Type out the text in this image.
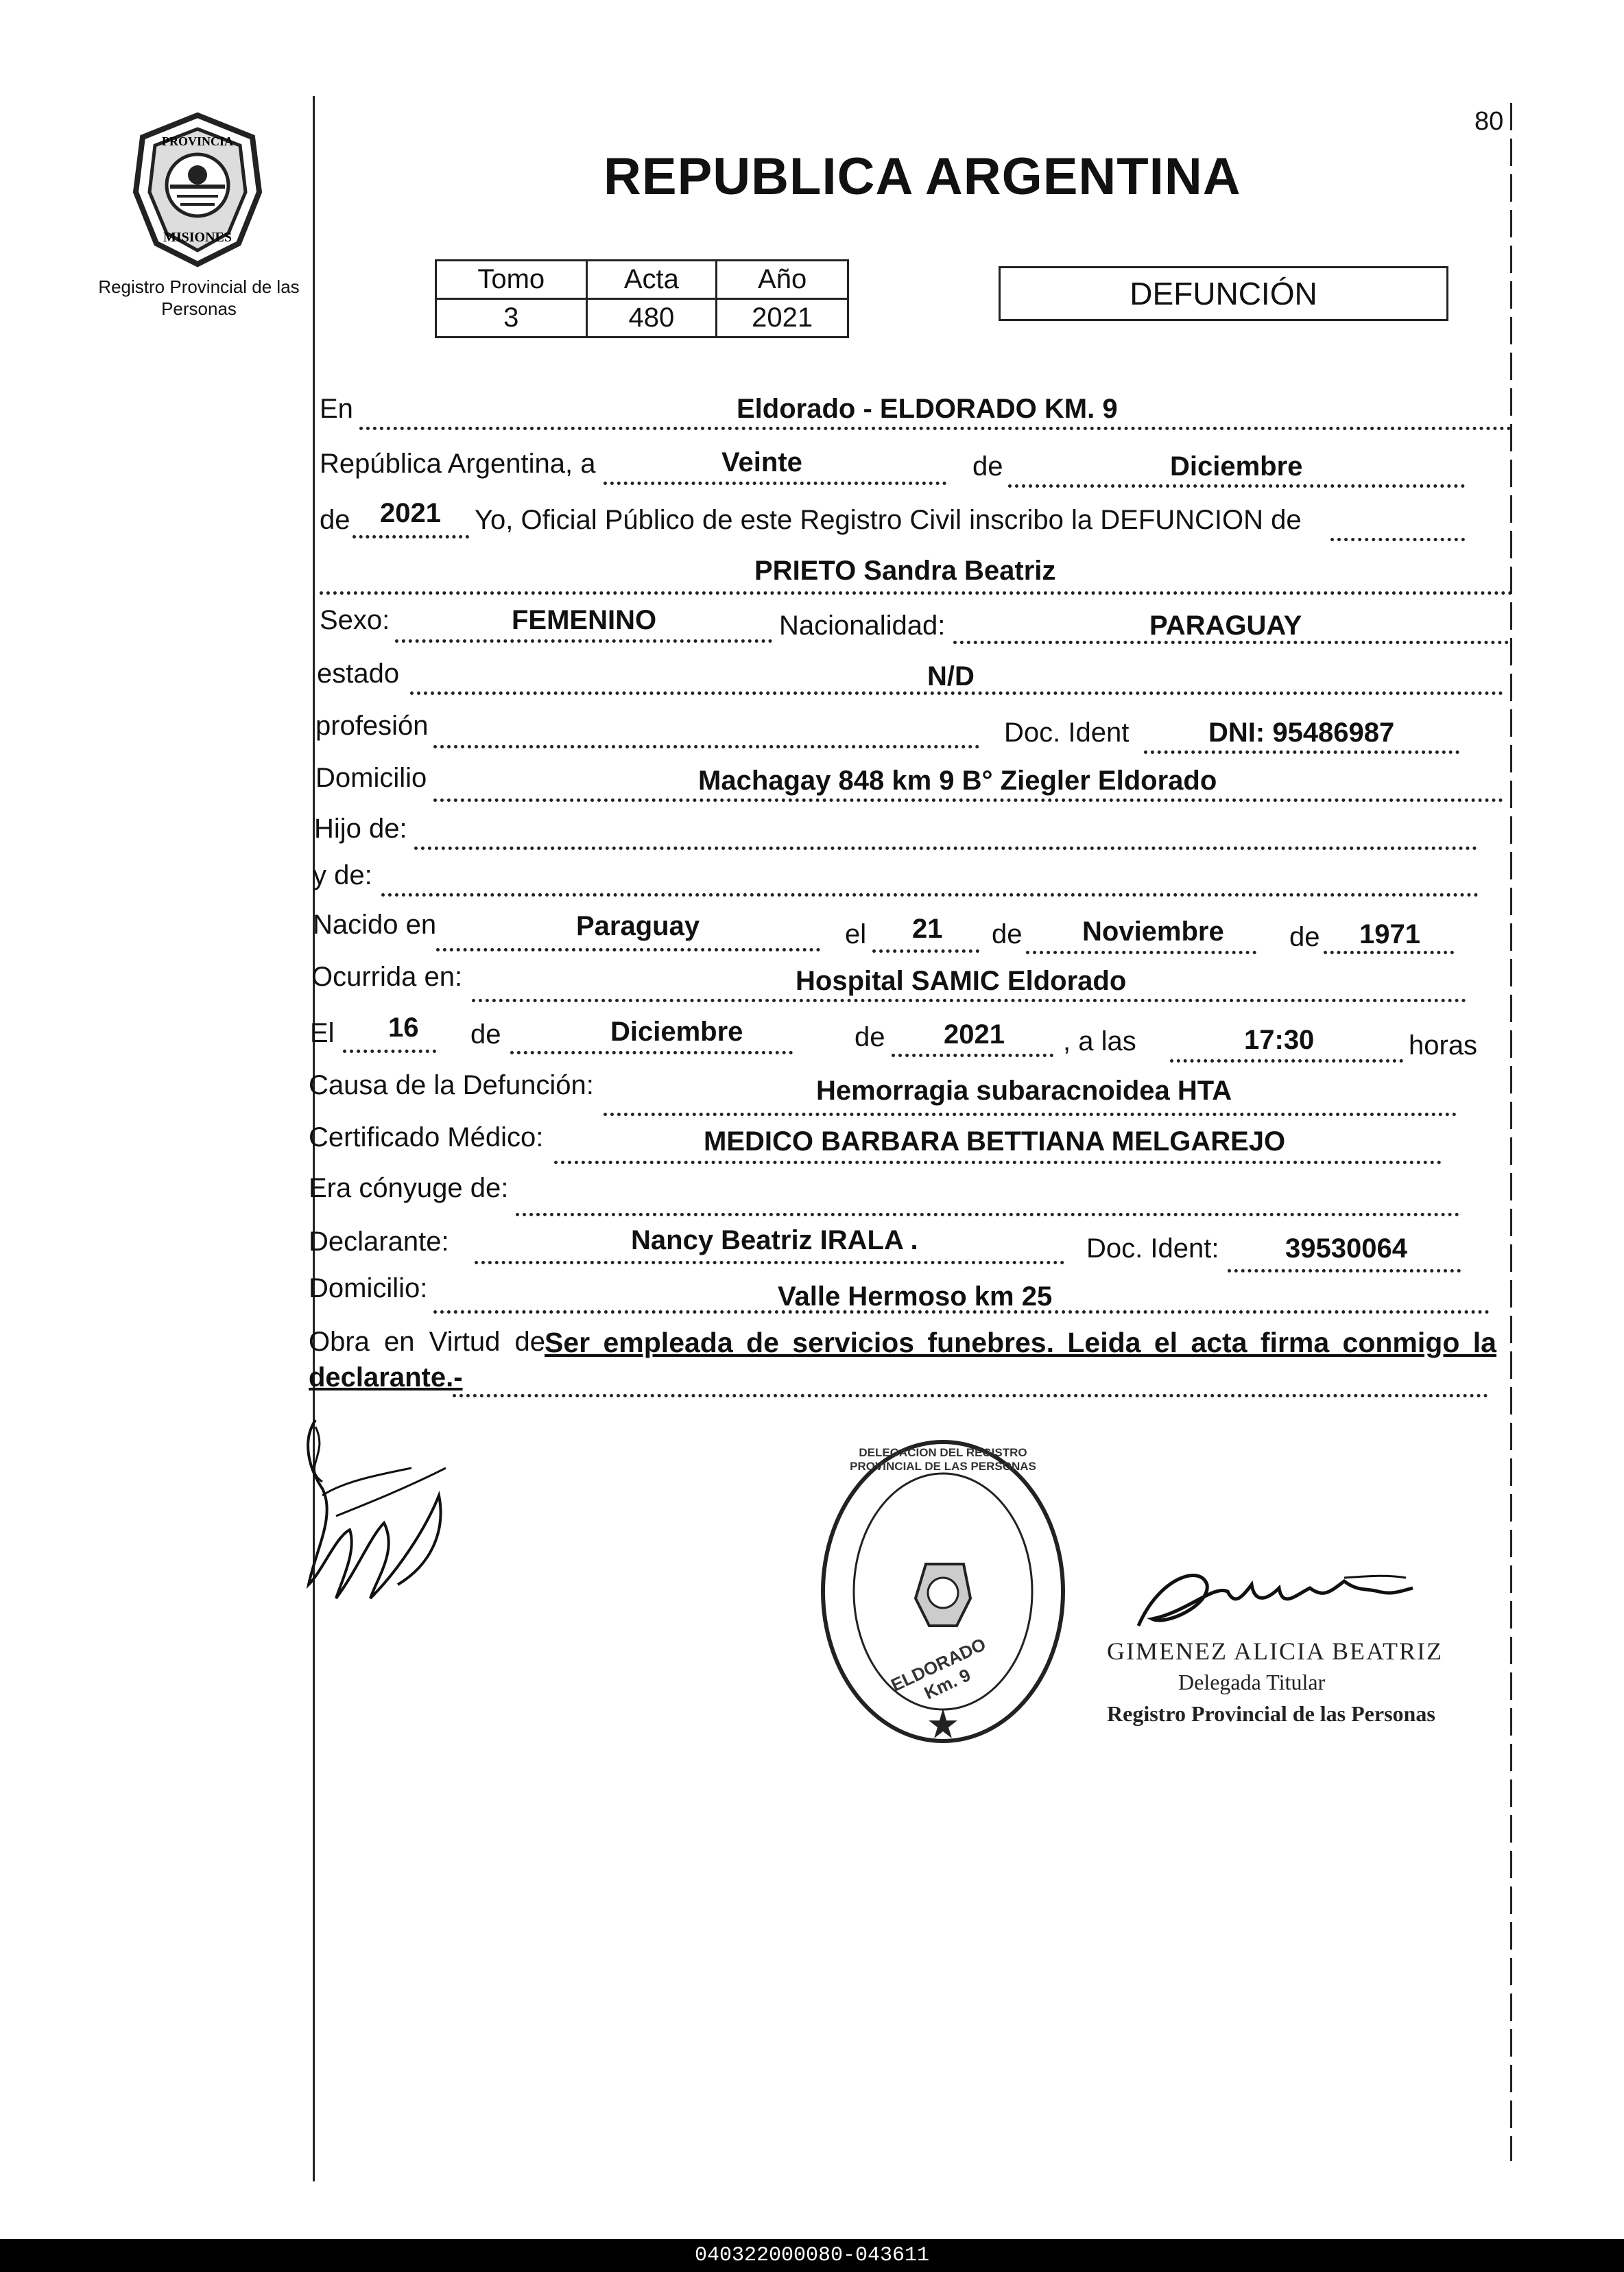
PROVINCIA
MISIONES
Registro Provincial de las Personas
80
REPUBLICA ARGENTINA
Tomo	Acta	Año
3	480	2021
DEFUNCIÓN
En	Eldorado - ELDORADO KM. 9
República Argentina, a	Veinte	de	Diciembre
de 2021 Yo, Oficial Público de este Registro Civil inscribo la DEFUNCION de
PRIETO Sandra Beatriz
Sexo:	FEMENINO	Nacionalidad:	PARAGUAY
estado	N/D
profesión	Doc. Ident	DNI: 95486987
Domicilio	Machagay 848 km 9 B° Ziegler Eldorado
Hijo de:
y de:
Nacido en	Paraguay	el 21 de Noviembre de 1971
Ocurrida en:	Hospital SAMIC Eldorado
El 16 de	Diciembre	de 2021 , a las	17:30	horas
Causa de la Defunción:	Hemorragia subaracnoidea HTA
Certificado Médico:	MEDICO BARBARA BETTIANA MELGAREJO
Era cónyuge de:
Declarante:	Nancy Beatriz IRALA .	Doc. Ident: 39530064
Domicilio:	Valle Hermoso km 25
Obra en Virtud de
Ser empleada de servicios funebres. Leida el acta firma conmigo la
declarante.-
DELEGACION DEL REGISTRO PROVINCIAL DE LAS PERSONAS
ELDORADO Km. 9
GIMENEZ ALICIA BEATRIZ
Delegada Titular
Registro Provincial de las Personas
040322000080-043611
